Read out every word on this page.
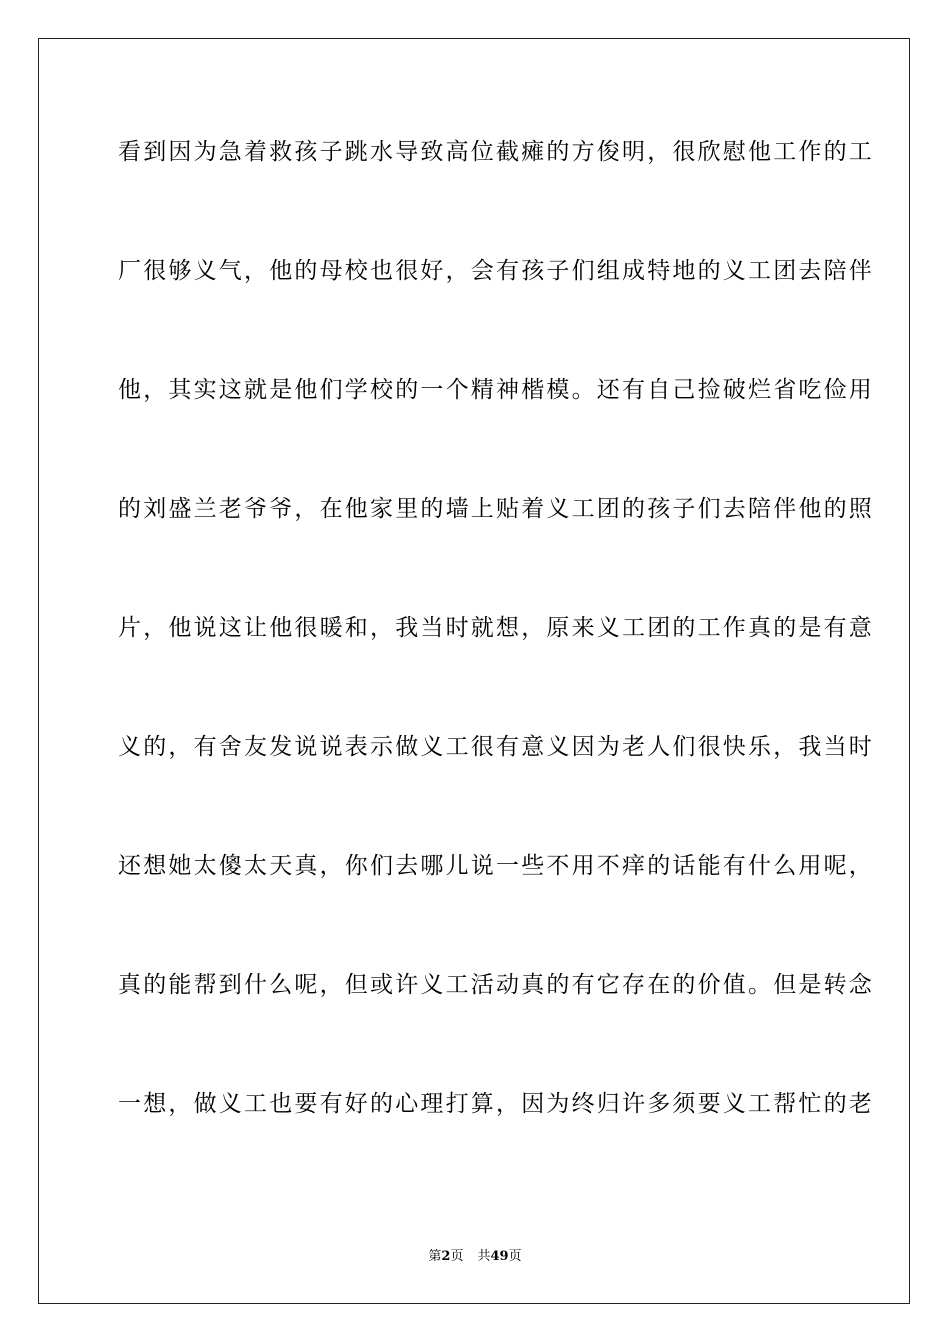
看到因为急着救孩子跳水导致高位截瘫的方俊明，很欣慰他工作的工
厂很够义气，他的母校也很好，会有孩子们组成特地的义工团去陪伴
他，其实这就是他们学校的一个精神楷模。还有自己捡破烂省吃俭用
的刘盛兰老爷爷，在他家里的墙上贴着义工团的孩子们去陪伴他的照
片，他说这让他很暖和，我当时就想，原来义工团的工作真的是有意
义的，有舍友发说说表示做义工很有意义因为老人们很快乐，我当时
还想她太傻太天真，你们去哪儿说一些不用不痒的话能有什么用呢，
真的能帮到什么呢，但或许义工活动真的有它存在的价值。但是转念
一想，做义工也要有好的心理打算，因为终归许多须要义工帮忙的老
第2页 共49页
